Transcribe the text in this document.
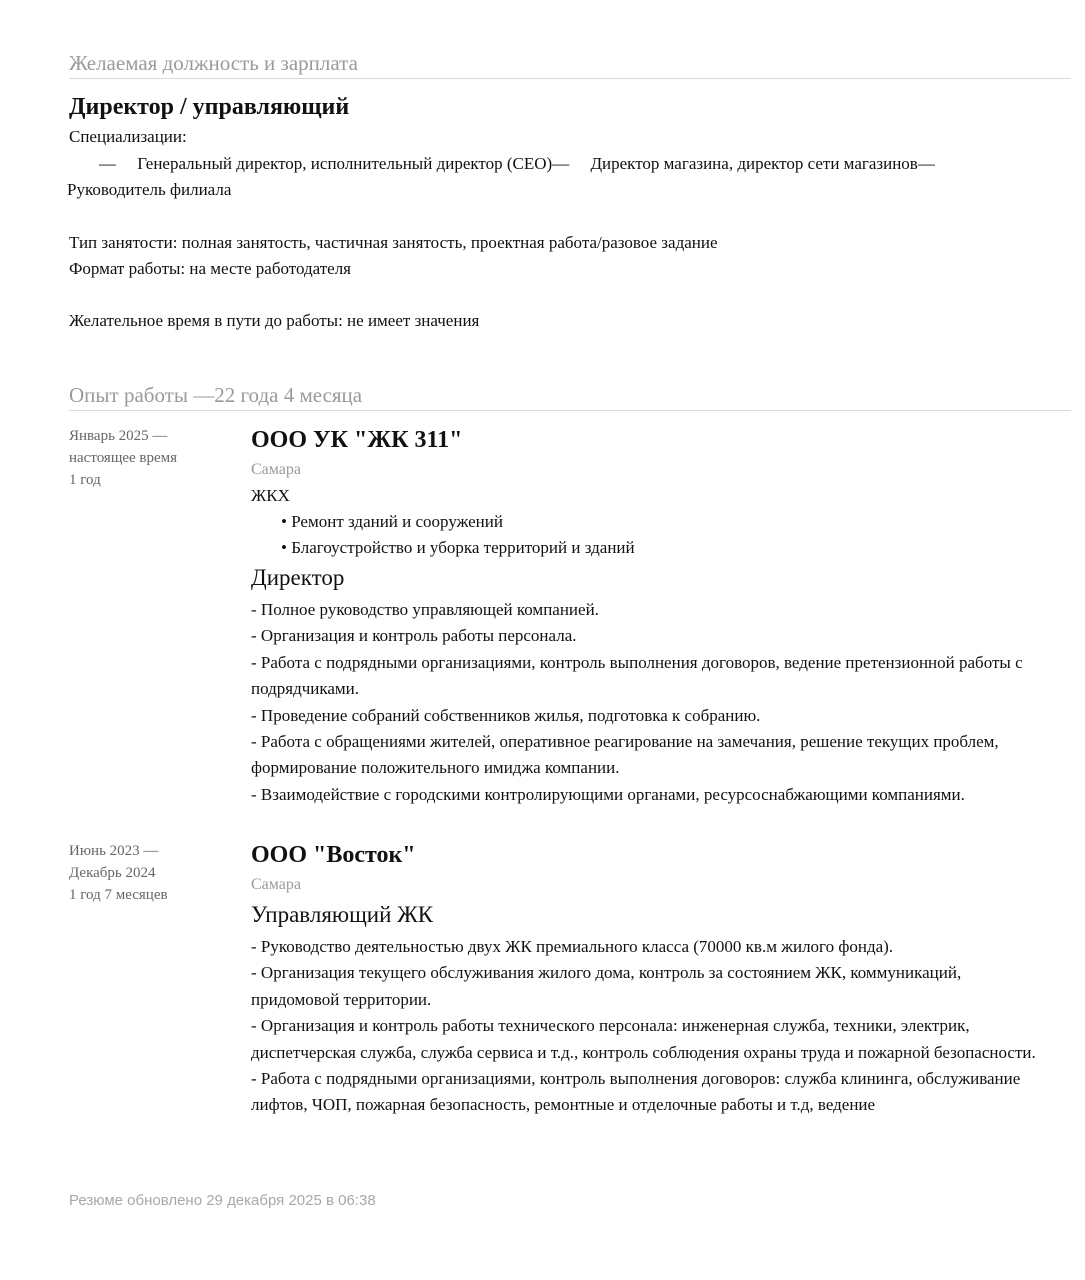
Желаемая должность и зарплата
Директор / управляющий
Специализации:
—     Генеральный директор, исполнительный директор (CEO)—     Директор магазина, директор сети магазинов—
Руководитель филиала
Тип занятости: полная занятость, частичная занятость, проектная работа/разовое задание
Формат работы: на месте работодателя
Желательное время в пути до работы: не имеет значения
Опыт работы —22 года 4 месяца
Январь 2025 —
настоящее время
1 год
ООО УК "ЖК 311"
Самара
ЖКХ
• Ремонт зданий и сооружений
• Благоустройство и уборка территорий и зданий
Директор
- Полное руководство управляющей компанией.
- Организация и контроль работы персонала.
- Работа с подрядными организациями, контроль выполнения договоров, ведение претензионной работы с подрядчиками.
- Проведение собраний собственников жилья, подготовка к собранию.
- Работа с обращениями жителей, оперативное реагирование на замечания, решение текущих проблем, формирование положительного имиджа компании.
- Взаимодействие с городскими контролирующими органами, ресурсоснабжающими компаниями.
Июнь 2023 —
Декабрь 2024
1 год 7 месяцев
ООО "Восток"
Самара
Управляющий ЖК
- Руководство деятельностью двух ЖК премиального класса (70000 кв.м жилого фонда).
- Организация текущего обслуживания жилого дома, контроль за состоянием ЖК, коммуникаций, придомовой территории.
- Организация и контроль работы технического персонала: инженерная служба, техники, электрик, диспетчерская служба, служба сервиса и т.д., контроль соблюдения охраны труда и пожарной безопасности.
- Работа с подрядными организациями, контроль выполнения договоров: служба клининга, обслуживание лифтов, ЧОП, пожарная безопасность, ремонтные и отделочные работы и т.д, ведение
Резюме обновлено 29 декабря 2025 в 06:38
